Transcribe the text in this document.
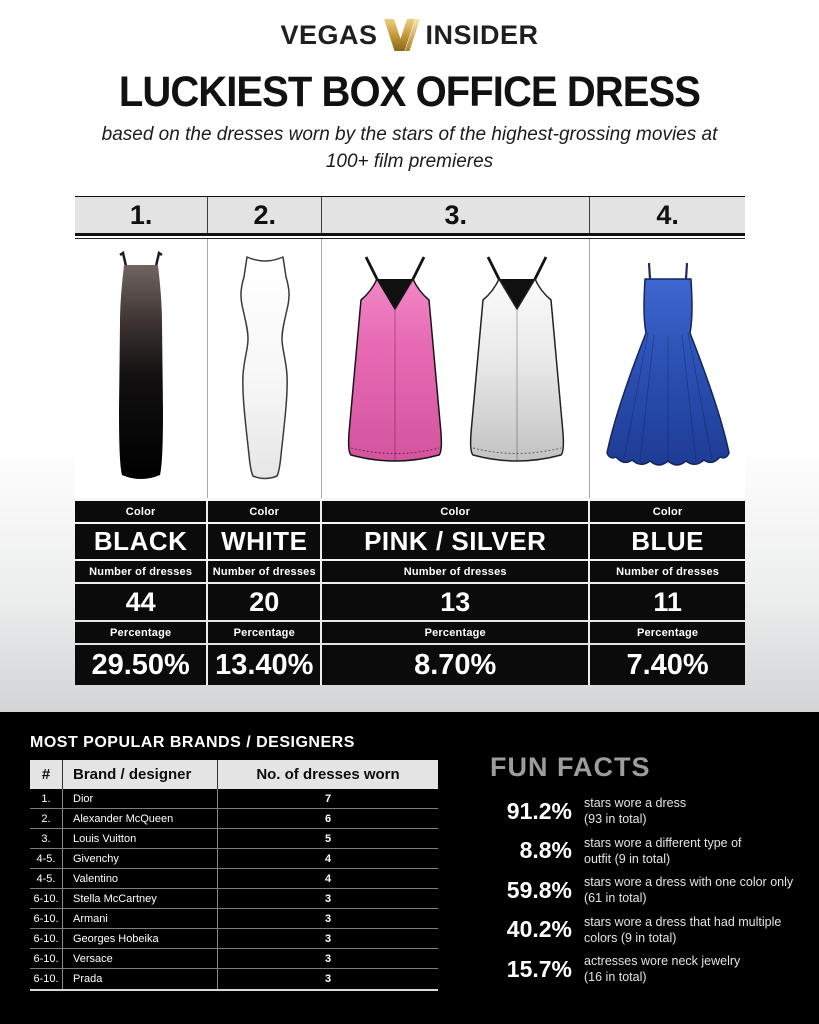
VEGAS INSIDER
LUCKIEST BOX OFFICE DRESS
based on the dresses worn by the stars of the highest-grossing movies at
100+ film premieres
1.	2.	3.	4.
Color	Color	Color	Color
BLACK	WHITE	PINK / SILVER	BLUE
Number of dresses	Number of dresses	Number of dresses	Number of dresses
44	20	13	11
Percentage	Percentage	Percentage	Percentage
29.50% 13.40%	8.70%	7.40%
MOST POPULAR BRANDS / DESIGNERS
#	Brand / designer	No. of dresses worn
1.	Dior	7
2.	Alexander McQueen	6
3.	Louis Vuitton	5
4-5.	Givenchy	4
4-5.	Valentino	4
6-10.	Stella McCartney	3
6-10.	Armani	3
6-10.	Georges Hobeika	3
6-10.	Versace	3
6-10.	Prada	3
FUN FACTS
91.2% stars wore a dress
(93 in total)
8.8% stars wore a different type of
outfit (9 in total)
59.8% stars wore a dress with one color only
(61 in total)
40.2% stars wore a dress that had multiple
colors (9 in total)
15.7% actresses wore neck jewelry
(16 in total)
